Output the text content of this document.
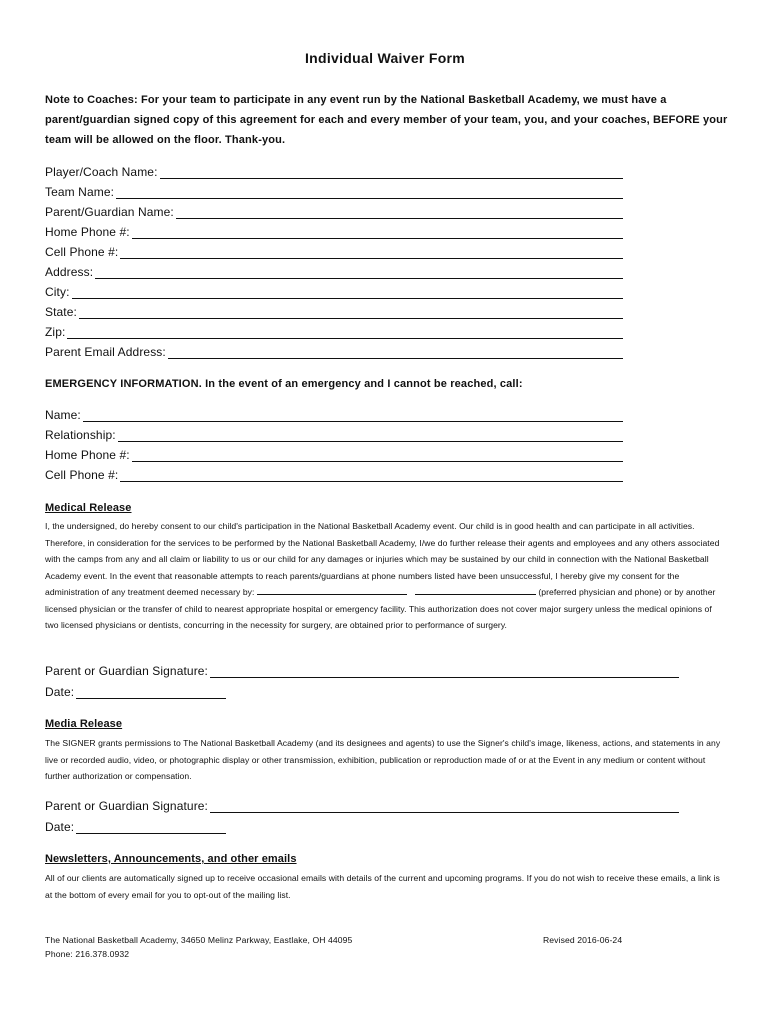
Individual Waiver Form
Note to Coaches: For your team to participate in any event run by the National Basketball Academy, we must have a parent/guardian signed copy of this agreement for each and every member of your team, you, and your coaches, BEFORE your team will be allowed on the floor. Thank-you.
Player/Coach Name:
Team Name:
Parent/Guardian Name:
Home Phone #:
Cell Phone #:
Address:
City:
State:
Zip:
Parent Email Address:
EMERGENCY INFORMATION. In the event of an emergency and I cannot be reached, call:
Name:
Relationship:
Home Phone #:
Cell Phone #:
Medical Release
I, the undersigned, do hereby consent to our child's participation in the National Basketball Academy event. Our child is in good health and can participate in all activities. Therefore, in consideration for the services to be performed by the National Basketball Academy, I/we do further release their agents and employees and any others associated with the camps from any and all claim or liability to us or our child for any damages or injuries which may be sustained by our child in connection with the National Basketball Academy event. In the event that reasonable attempts to reach parents/guardians at phone numbers listed have been unsuccessful, I hereby give my consent for the administration of any treatment deemed necessary by:	(preferred physician and phone) or by another licensed physician or the transfer of child to nearest appropriate hospital or emergency facility. This authorization does not cover major surgery unless the medical opinions of two licensed physicians or dentists, concurring in the necessity for surgery, are obtained prior to performance of surgery.
Parent or Guardian Signature:
Date:
Media Release
The SIGNER grants permissions to The National Basketball Academy (and its designees and agents) to use the Signer's child's image, likeness, actions, and statements in any live or recorded audio, video, or photographic display or other transmission, exhibition, publication or reproduction made of or at the Event in any medium or content without further authorization or compensation.
Parent or Guardian Signature:
Date:
Newsletters, Announcements, and other emails
All of our clients are automatically signed up to receive occasional emails with details of the current and upcoming programs. If you do not wish to receive these emails, a link is at the bottom of every email for you to opt-out of the mailing list.
The National Basketball Academy, 34650 Melinz Parkway, Eastlake, OH 44095
Phone: 216.378.0932
Revised 2016-06-24
